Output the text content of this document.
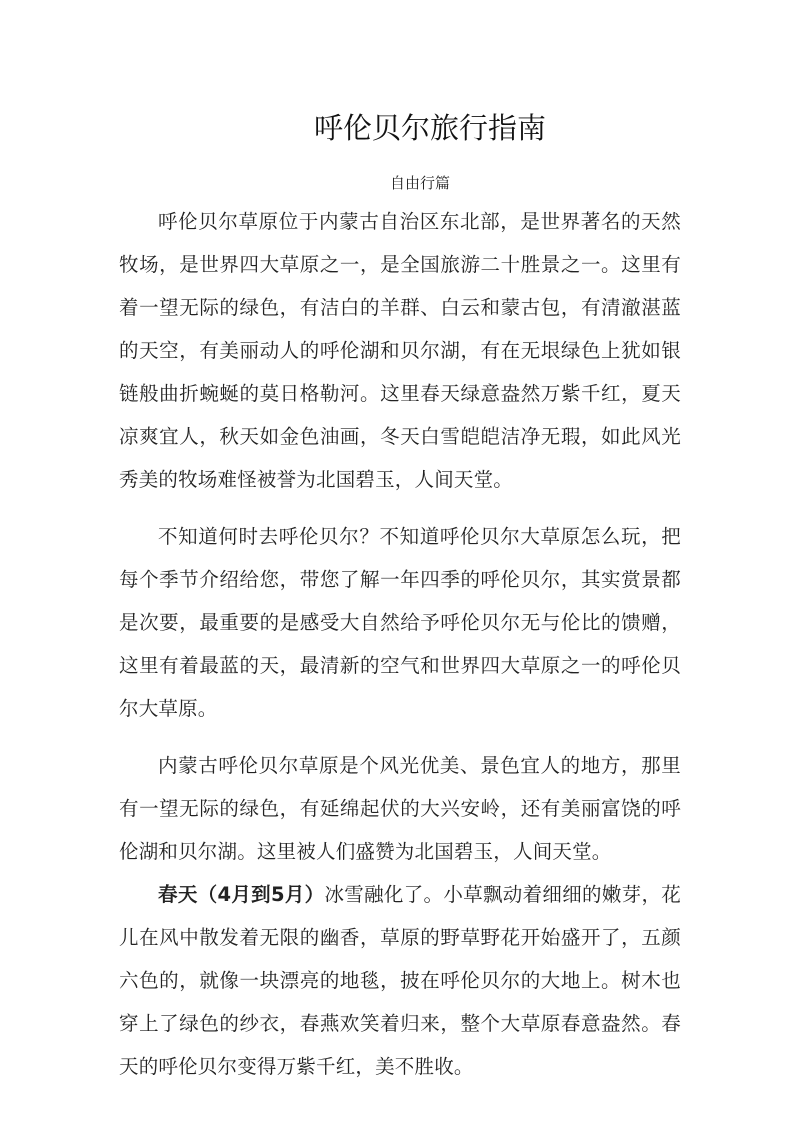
呼伦贝尔旅行指南
自由行篇

呼伦贝尔草原位于内蒙古自治区东北部，是世界著名的天然牧场，是世界四大草原之一，是全国旅游二十胜景之一。这里有着一望无际的绿色，有洁白的羊群、白云和蒙古包，有清澈湛蓝的天空，有美丽动人的呼伦湖和贝尔湖，有在无垠绿色上犹如银链般曲折蜿蜒的莫日格勒河。这里春天绿意盎然万紫千红，夏天凉爽宜人，秋天如金色油画，冬天白雪皑皑洁净无瑕，如此风光秀美的牧场难怪被誉为北国碧玉，人间天堂。

不知道何时去呼伦贝尔？不知道呼伦贝尔大草原怎么玩，把每个季节介绍给您，带您了解一年四季的呼伦贝尔，其实赏景都是次要，最重要的是感受大自然给予呼伦贝尔无与伦比的馈赠，这里有着最蓝的天，最清新的空气和世界四大草原之一的呼伦贝尔大草原。

内蒙古呼伦贝尔草原是个风光优美、景色宜人的地方，那里有一望无际的绿色，有延绵起伏的大兴安岭，还有美丽富饶的呼伦湖和贝尔湖。这里被人们盛赞为北国碧玉，人间天堂。

春天（4月到5月）冰雪融化了。小草飘动着细细的嫩芽，花儿在风中散发着无限的幽香，草原的野草野花开始盛开了，五颜六色的，就像一块漂亮的地毯，披在呼伦贝尔的大地上。树木也穿上了绿色的纱衣，春燕欢笑着归来，整个大草原春意盎然。春天的呼伦贝尔变得万紫千红，美不胜收。
